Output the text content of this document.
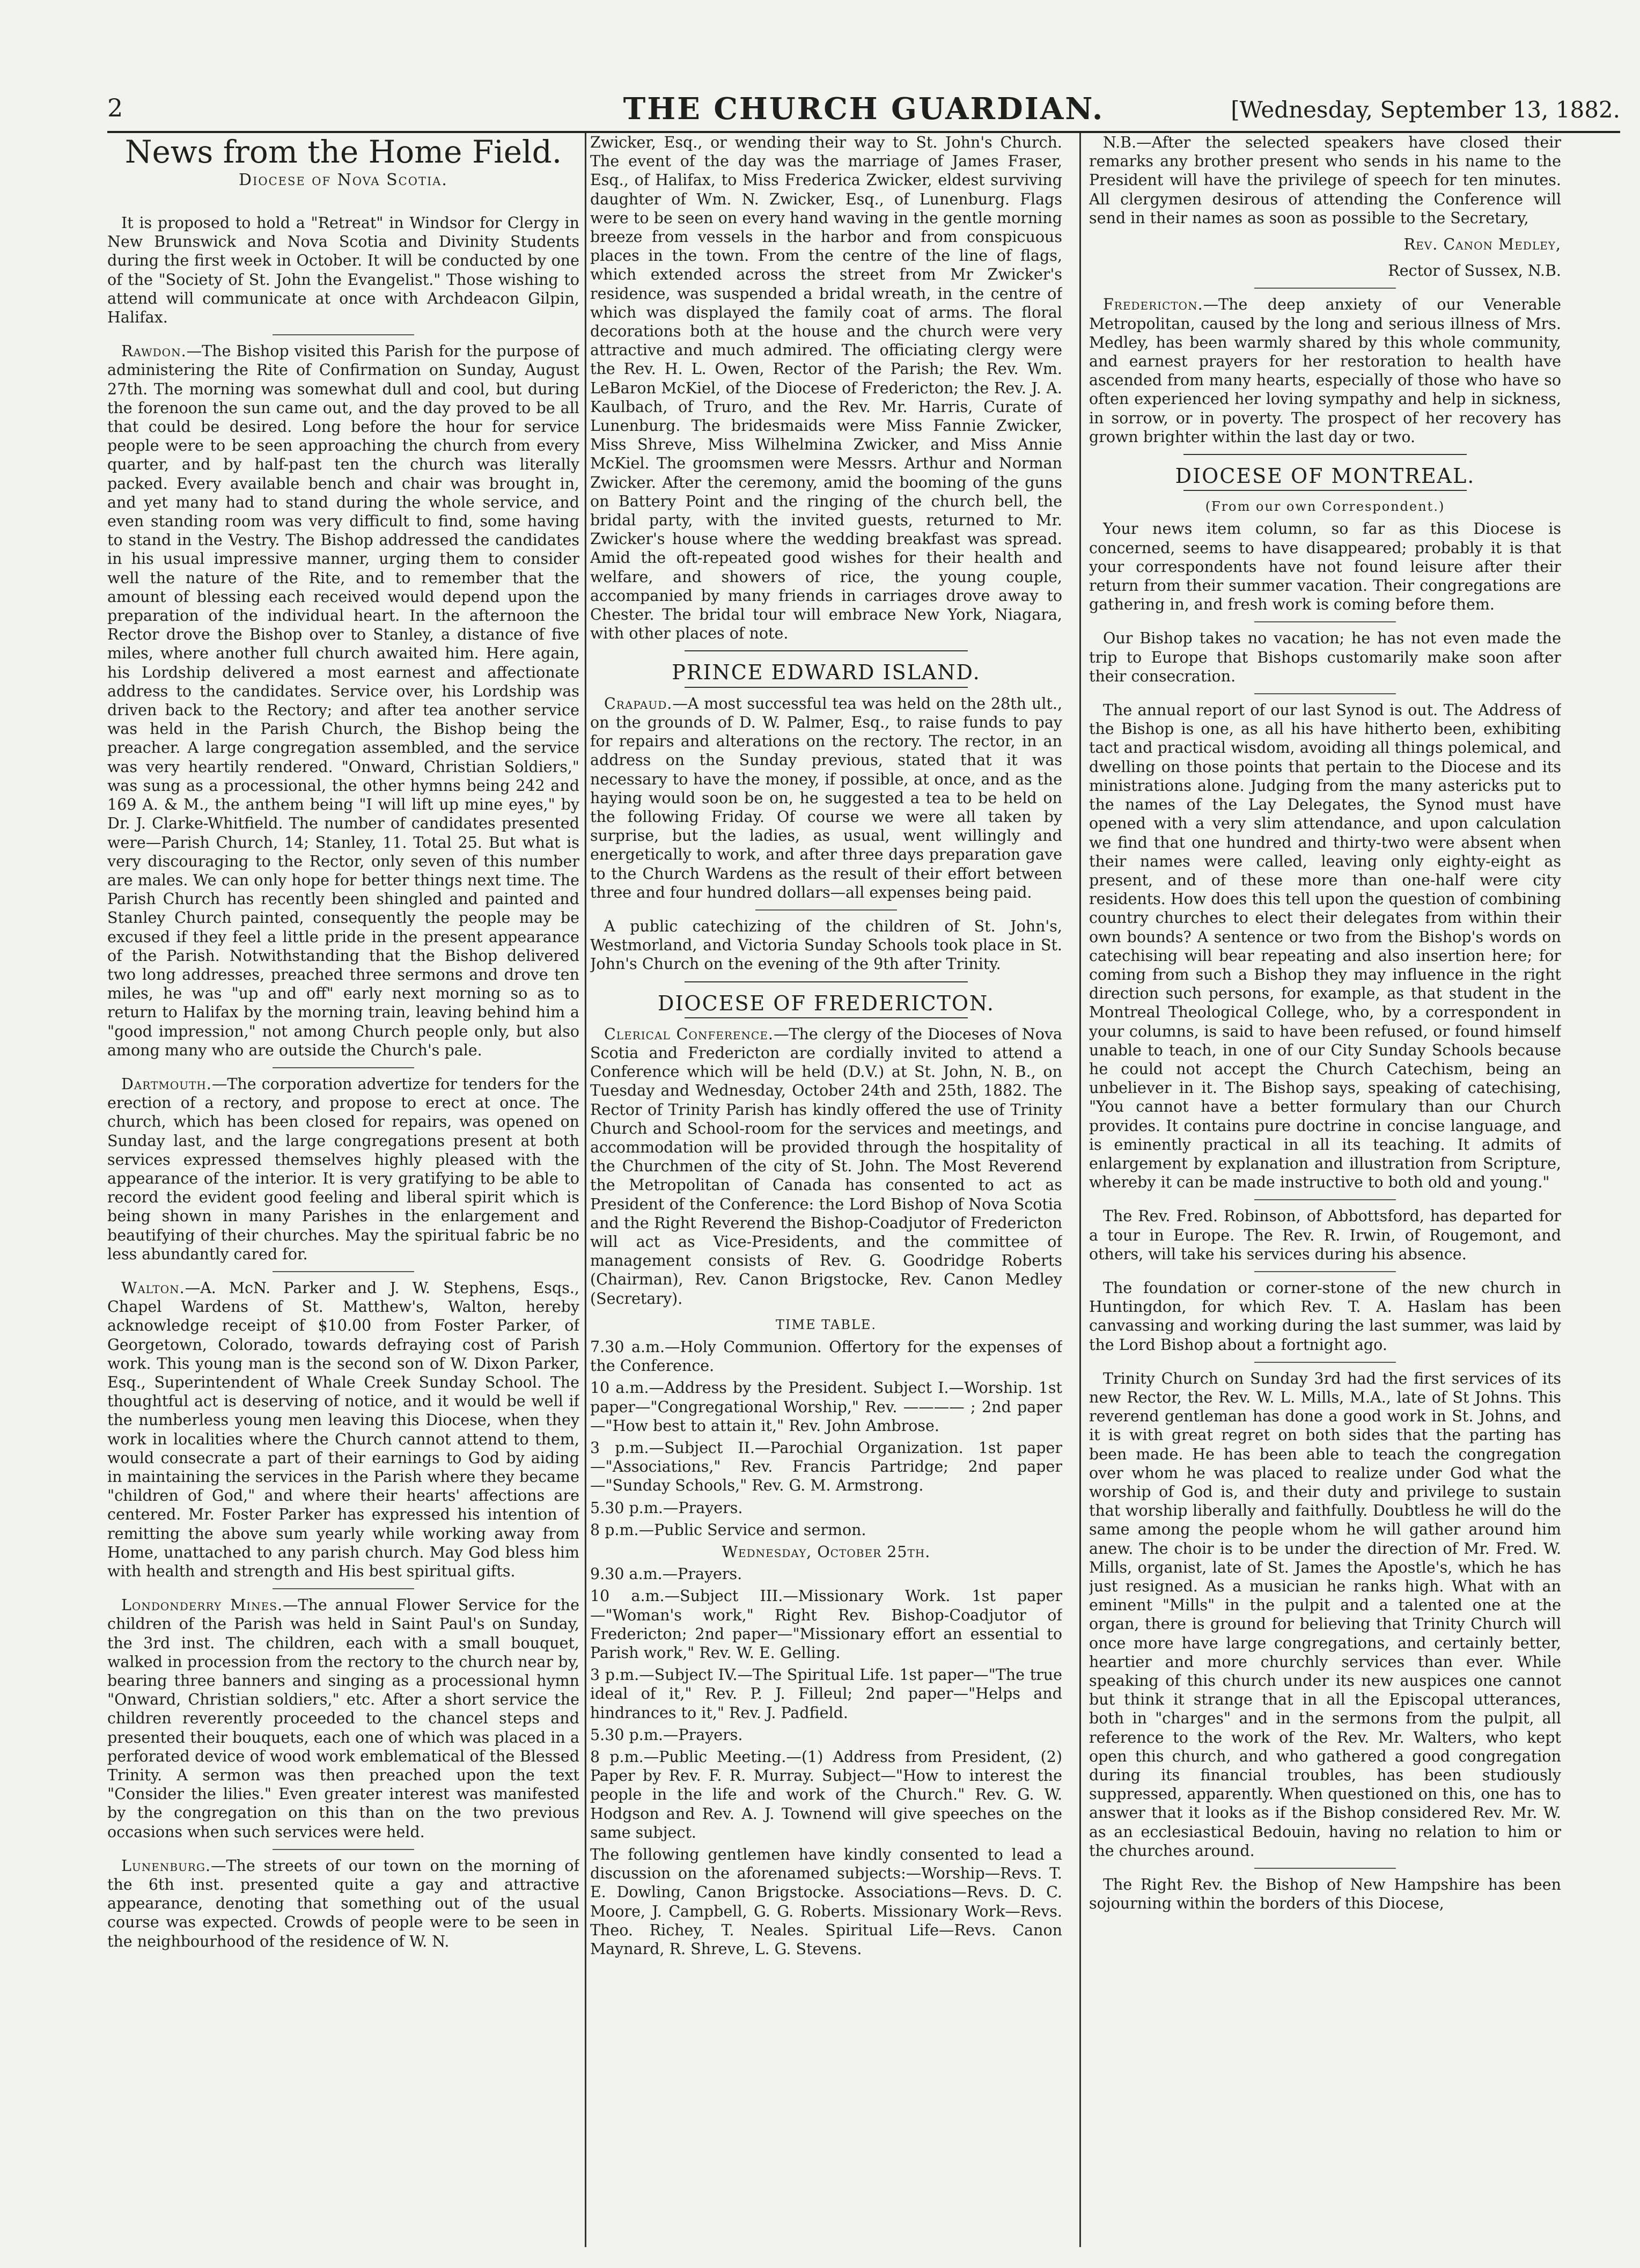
2	THE CHURCH GUARDIAN.	[Wednesday, September 13, 1882.
News from the Home Field.
Diocese of Nova Scotia.

It is proposed to hold a "Retreat" in Windsor for Clergy in New Brunswick and Nova Scotia and Divinity Students during the first week in October. It will be conducted by one of the "Society of St. John the Evangelist." Those wishing to attend will communicate at once with Archdeacon Gilpin, Halifax.

Rawdon.—The Bishop visited this Parish for the purpose of administering the Rite of Confirmation on Sunday, August 27th. The morning was somewhat dull and cool, but during the forenoon the sun came out, and the day proved to be all that could be desired. Long before the hour for service people were to be seen approaching the church from every quarter, and by half-past ten the church was literally packed. Every available bench and chair was brought in, and yet many had to stand during the whole service, and even standing room was very difficult to find, some having to stand in the Vestry. The Bishop addressed the candidates in his usual impressive manner, urging them to consider well the nature of the Rite, and to remember that the amount of blessing each received would depend upon the preparation of the individual heart. In the afternoon the Rector drove the Bishop over to Stanley, a distance of five miles, where another full church awaited him. Here again, his Lordship delivered a most earnest and affectionate address to the candidates. Service over, his Lordship was driven back to the Rectory; and after tea another service was held in the Parish Church, the Bishop being the preacher. A large congregation assembled, and the service was very heartily rendered. "Onward, Christian Soldiers," was sung as a processional, the other hymns being 242 and 169 A. & M., the anthem being "I will lift up mine eyes," by Dr. J. Clarke-Whitfield. The number of candidates presented were—Parish Church, 14; Stanley, 11. Total 25. But what is very discouraging to the Rector, only seven of this number are males. We can only hope for better things next time. The Parish Church has recently been shingled and painted and Stanley Church painted, consequently the people may be excused if they feel a little pride in the present appearance of the Parish. Notwithstanding that the Bishop delivered two long addresses, preached three sermons and drove ten miles, he was "up and off" early next morning so as to return to Halifax by the morning train, leaving behind him a "good impression," not among Church people only, but also among many who are outside the Church's pale.

Dartmouth.—The corporation advertize for tenders for the erection of a rectory, and propose to erect at once. The church, which has been closed for repairs, was opened on Sunday last, and the large congregations present at both services expressed themselves highly pleased with the appearance of the interior. It is very gratifying to be able to record the evident good feeling and liberal spirit which is being shown in many Parishes in the enlargement and beautifying of their churches. May the spiritual fabric be no less abundantly cared for.

Walton.—A. McN. Parker and J. W. Stephens, Esqs., Chapel Wardens of St. Matthew's, Walton, hereby acknowledge receipt of $10.00 from Foster Parker, of Georgetown, Colorado, towards defraying cost of Parish work. This young man is the second son of W. Dixon Parker, Esq., Superintendent of Whale Creek Sunday School. The thoughtful act is deserving of notice, and it would be well if the numberless young men leaving this Diocese, when they work in localities where the Church cannot attend to them, would consecrate a part of their earnings to God by aiding in maintaining the services in the Parish where they became "children of God," and where their hearts' affections are centered. Mr. Foster Parker has expressed his intention of remitting the above sum yearly while working away from Home, unattached to any parish church. May God bless him with health and strength and His best spiritual gifts.

Londonderry Mines.—The annual Flower Service for the children of the Parish was held in Saint Paul's on Sunday, the 3rd inst. The children, each with a small bouquet, walked in procession from the rectory to the church near by, bearing three banners and singing as a processional hymn "Onward, Christian soldiers," etc. After a short service the children reverently proceeded to the chancel steps and presented their bouquets, each one of which was placed in a perforated device of wood work emblematical of the Blessed Trinity. A sermon was then preached upon the text "Consider the lilies." Even greater interest was manifested by the congregation on this than on the two previous occasions when such services were held.

Lunenburg.—The streets of our town on the morning of the 6th inst. presented quite a gay and attractive appearance, denoting that something out of the usual course was expected. Crowds of people were to be seen in the neighbourhood of the residence of W. N.

Zwicker, Esq., or wending their way to St. John's Church. The event of the day was the marriage of James Fraser, Esq., of Halifax, to Miss Frederica Zwicker, eldest surviving daughter of Wm. N. Zwicker, Esq., of Lunenburg. Flags were to be seen on every hand waving in the gentle morning breeze from vessels in the harbor and from conspicuous places in the town. From the centre of the line of flags, which extended across the street from Mr Zwicker's residence, was suspended a bridal wreath, in the centre of which was displayed the family coat of arms. The floral decorations both at the house and the church were very attractive and much admired. The officiating clergy were the Rev. H. L. Owen, Rector of the Parish; the Rev. Wm. LeBaron McKiel, of the Diocese of Fredericton; the Rev. J. A. Kaulbach, of Truro, and the Rev. Mr. Harris, Curate of Lunenburg. The bridesmaids were Miss Fannie Zwicker, Miss Shreve, Miss Wilhelmina Zwicker, and Miss Annie McKiel. The groomsmen were Messrs. Arthur and Norman Zwicker. After the ceremony, amid the booming of the guns on Battery Point and the ringing of the church bell, the bridal party, with the invited guests, returned to Mr. Zwicker's house where the wedding breakfast was spread. Amid the oft-repeated good wishes for their health and welfare, and showers of rice, the young couple, accompanied by many friends in carriages drove away to Chester. The bridal tour will embrace New York, Niagara, with other places of note.

PRINCE EDWARD ISLAND.

Crapaud.—A most successful tea was held on the 28th ult., on the grounds of D. W. Palmer, Esq., to raise funds to pay for repairs and alterations on the rectory. The rector, in an address on the Sunday previous, stated that it was necessary to have the money, if possible, at once, and as the haying would soon be on, he suggested a tea to be held on the following Friday. Of course we were all taken by surprise, but the ladies, as usual, went willingly and energetically to work, and after three days preparation gave to the Church Wardens as the result of their effort between three and four hundred dollars—all expenses being paid.

A public catechizing of the children of St. John's, Westmorland, and Victoria Sunday Schools took place in St. John's Church on the evening of the 9th after Trinity.

DIOCESE OF FREDERICTON.

Clerical Conference.—The clergy of the Dioceses of Nova Scotia and Fredericton are cordially invited to attend a Conference which will be held (D.V.) at St. John, N. B., on Tuesday and Wednesday, October 24th and 25th, 1882. The Rector of Trinity Parish has kindly offered the use of Trinity Church and School-room for the services and meetings, and accommodation will be provided through the hospitality of the Churchmen of the city of St. John. The Most Reverend the Metropolitan of Canada has consented to act as President of the Conference: the Lord Bishop of Nova Scotia and the Right Reverend the Bishop-Coadjutor of Fredericton will act as Vice-Presidents, and the committee of management consists of Rev. G. Goodridge Roberts (Chairman), Rev. Canon Brigstocke, Rev. Canon Medley (Secretary).

TIME TABLE.

7.30 a.m.—Holy Communion. Offertory for the expenses of the Conference.

10 a.m.—Address by the President. Subject I.—Worship. 1st paper—"Congregational Worship," Rev. ———— ; 2nd paper—"How best to attain it," Rev. John Ambrose.

3 p.m.—Subject II.—Parochial Organization. 1st paper—"Associations," Rev. Francis Partridge; 2nd paper—"Sunday Schools," Rev. G. M. Armstrong.

5.30 p.m.—Prayers.

8 p.m.—Public Service and sermon.

Wednesday, October 25th.

9.30 a.m.—Prayers.

10 a.m.—Subject III.—Missionary Work. 1st paper—"Woman's work," Right Rev. Bishop-Coadjutor of Fredericton; 2nd paper—"Missionary effort an essential to Parish work," Rev. W. E. Gelling.

3 p.m.—Subject IV.—The Spiritual Life. 1st paper—"The true ideal of it," Rev. P. J. Filleul; 2nd paper—"Helps and hindrances to it," Rev. J. Padfield.

5.30 p.m.—Prayers.

8 p.m.—Public Meeting.—(1) Address from President, (2) Paper by Rev. F. R. Murray. Subject—"How to interest the people in the life and work of the Church." Rev. G. W. Hodgson and Rev. A. J. Townend will give speeches on the same subject.

The following gentlemen have kindly consented to lead a discussion on the aforenamed subjects:—Worship—Revs. T. E. Dowling, Canon Brigstocke. Associations—Revs. D. C. Moore, J. Campbell, G. G. Roberts. Missionary Work—Revs. Theo. Richey, T. Neales. Spiritual Life—Revs. Canon Maynard, R. Shreve, L. G. Stevens.

N.B.—After the selected speakers have closed their remarks any brother present who sends in his name to the President will have the privilege of speech for ten minutes. All clergymen desirous of attending the Conference will send in their names as soon as possible to the Secretary,

Rev. Canon Medley,

Rector of Sussex, N.B.

Fredericton.—The deep anxiety of our Venerable Metropolitan, caused by the long and serious illness of Mrs. Medley, has been warmly shared by this whole community, and earnest prayers for her restoration to health have ascended from many hearts, especially of those who have so often experienced her loving sympathy and help in sickness, in sorrow, or in poverty. The prospect of her recovery has grown brighter within the last day or two.

DIOCESE OF MONTREAL.
(From our own Correspondent.)

Your news item column, so far as this Diocese is concerned, seems to have disappeared; probably it is that your correspondents have not found leisure after their return from their summer vacation. Their congregations are gathering in, and fresh work is coming before them.

Our Bishop takes no vacation; he has not even made the trip to Europe that Bishops customarily make soon after their consecration.

The annual report of our last Synod is out. The Address of the Bishop is one, as all his have hitherto been, exhibiting tact and practical wisdom, avoiding all things polemical, and dwelling on those points that pertain to the Diocese and its ministrations alone. Judging from the many astericks put to the names of the Lay Delegates, the Synod must have opened with a very slim attendance, and upon calculation we find that one hundred and thirty-two were absent when their names were called, leaving only eighty-eight as present, and of these more than one-half were city residents. How does this tell upon the question of combining country churches to elect their delegates from within their own bounds? A sentence or two from the Bishop's words on catechising will bear repeating and also insertion here; for coming from such a Bishop they may influence in the right direction such persons, for example, as that student in the Montreal Theological College, who, by a correspondent in your columns, is said to have been refused, or found himself unable to teach, in one of our City Sunday Schools because he could not accept the Church Catechism, being an unbeliever in it. The Bishop says, speaking of catechising, "You cannot have a better formulary than our Church provides. It contains pure doctrine in concise language, and is eminently practical in all its teaching. It admits of enlargement by explanation and illustration from Scripture, whereby it can be made instructive to both old and young."

The Rev. Fred. Robinson, of Abbottsford, has departed for a tour in Europe. The Rev. R. Irwin, of Rougemont, and others, will take his services during his absence.

The foundation or corner-stone of the new church in Huntingdon, for which Rev. T. A. Haslam has been canvassing and working during the last summer, was laid by the Lord Bishop about a fortnight ago.

Trinity Church on Sunday 3rd had the first services of its new Rector, the Rev. W. L. Mills, M.A., late of St Johns. This reverend gentleman has done a good work in St. Johns, and it is with great regret on both sides that the parting has been made. He has been able to teach the congregation over whom he was placed to realize under God what the worship of God is, and their duty and privilege to sustain that worship liberally and faithfully. Doubtless he will do the same among the people whom he will gather around him anew. The choir is to be under the direction of Mr. Fred. W. Mills, organist, late of St. James the Apostle's, which he has just resigned. As a musician he ranks high. What with an eminent "Mills" in the pulpit and a talented one at the organ, there is ground for believing that Trinity Church will once more have large congregations, and certainly better, heartier and more churchly services than ever. While speaking of this church under its new auspices one cannot but think it strange that in all the Episcopal utterances, both in "charges" and in the sermons from the pulpit, all reference to the work of the Rev. Mr. Walters, who kept open this church, and who gathered a good congregation during its financial troubles, has been studiously suppressed, apparently. When questioned on this, one has to answer that it looks as if the Bishop considered Rev. Mr. W. as an ecclesiastical Bedouin, having no relation to him or the churches around.

The Right Rev. the Bishop of New Hampshire has been sojourning within the borders of this Diocese,
